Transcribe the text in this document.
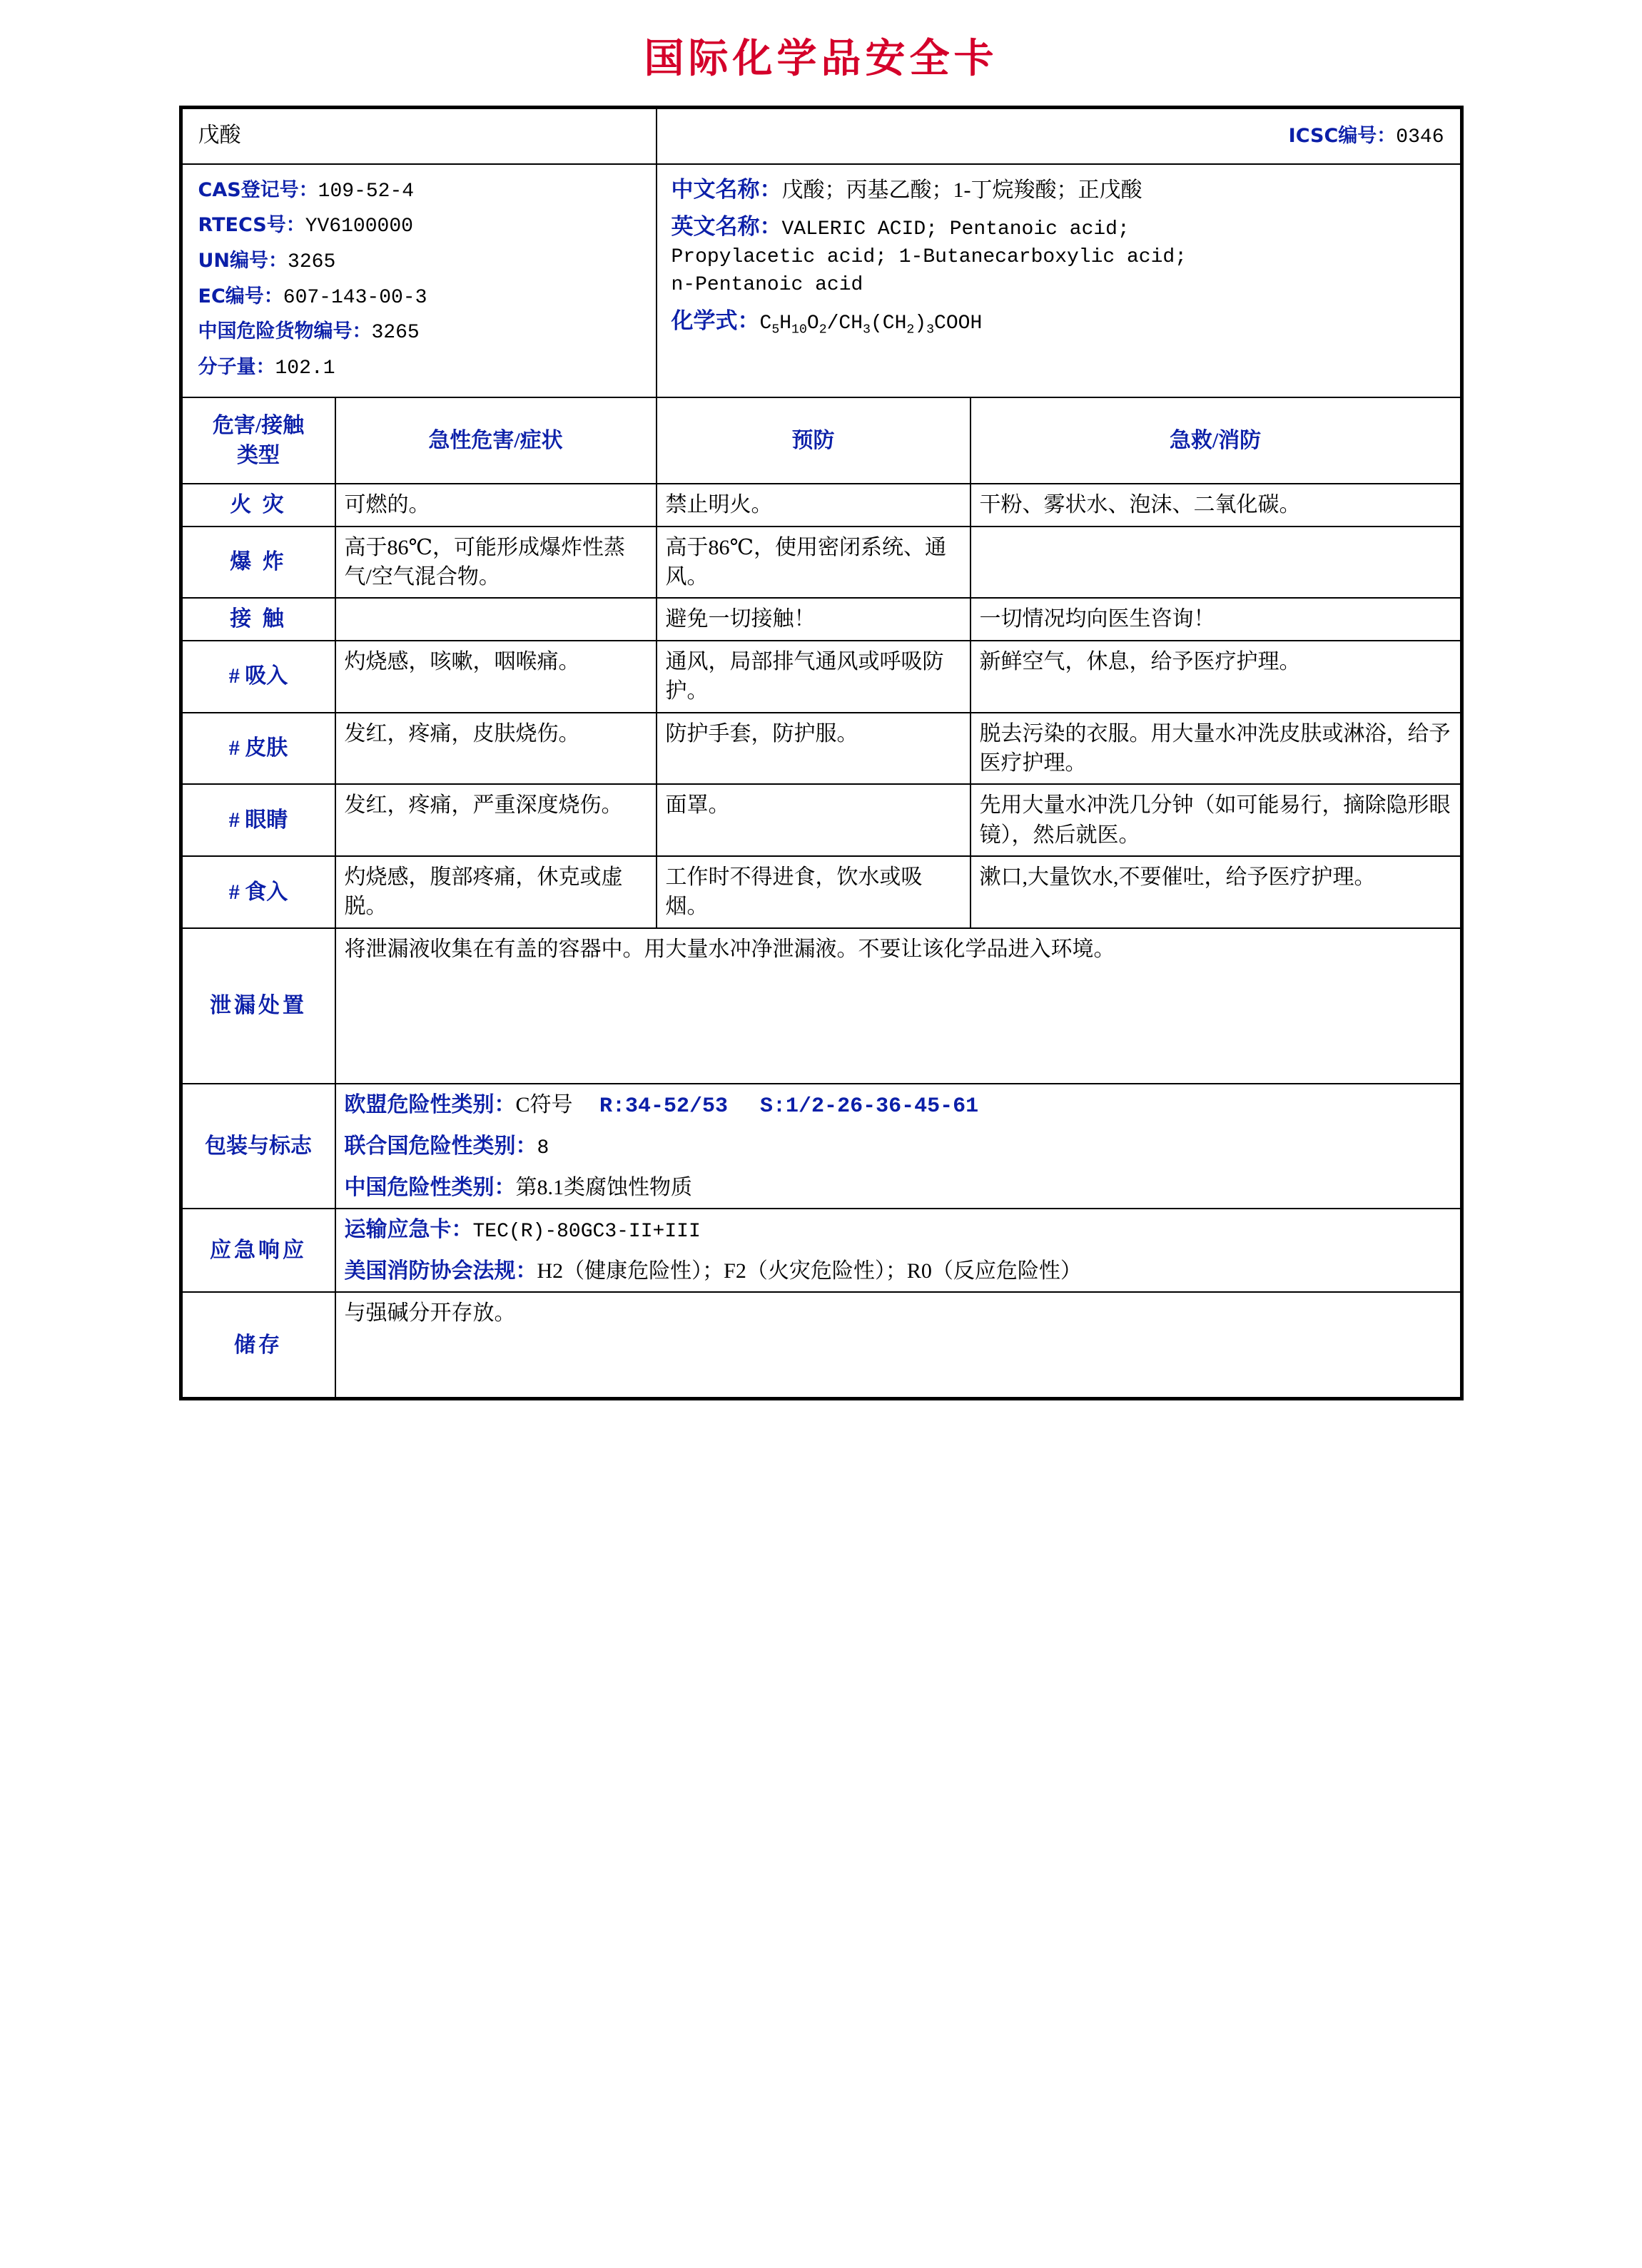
国际化学品安全卡
戊酸		ICSC编号：0346	

CAS登记号：109-52-4
RTECS号：YV6100000
UN编号：3265
EC编号：607-143-00-3
中国危险货物编号：3265
分子量：102.1

中文名称：戊酸；丙基乙酸；1-丁烷羧酸；正戊酸
英文名称：VALERIC ACID; Pentanoic acid;
Propylacetic acid; 1-Butanecarboxylic acid;
n-Pentanoic acid
化学式：$C_5H_{10}O_2/CH_3(CH_2)_3COOH$

危害/接触
类型	急性危害/症状	预防	急救/消防
火 灾	可燃的。	禁止明火。	干粉、雾状水、泡沫、二氧化碳。
爆 炸	高于86℃，可能形成爆炸性蒸气/空气混合物。	高于86℃，使用密闭系统、通风。	
接 触		避免一切接触！	一切情况均向医生咨询！
# 吸入	灼烧感，咳嗽，咽喉痛。	通风，局部排气通风或呼吸防护。	新鲜空气，休息，给予医疗护理。
# 皮肤	发红，疼痛，皮肤烧伤。	防护手套，防护服。	脱去污染的衣服。用大量水冲洗皮肤或淋浴，给予医疗护理。
# 眼睛	发红，疼痛，严重深度烧伤。	面罩。	先用大量水冲洗几分钟（如可能易行，摘除隐形眼镜），然后就医。
# 食入	灼烧感，腹部疼痛，休克或虚脱。	工作时不得进食，饮水或吸烟。	漱口,大量饮水,不要催吐，给予医疗护理。
泄漏处置	将泄漏液收集在有盖的容器中。用大量水冲净泄漏液。不要让该化学品进入环境。		
包装与标志	欧盟危险性类别：C符号 R:34-52/53 S:1/2-26-36-45-61
联合国危险性类别：8
中国危险性类别：第8.1类腐蚀性物质		

应急响应	运输应急卡：TEC(R)-80GC3-II+III
美国消防协会法规：H2（健康危险性）；F2（火灾危险性）；R0（反应危险性）		

储存	与强碱分开存放。		
